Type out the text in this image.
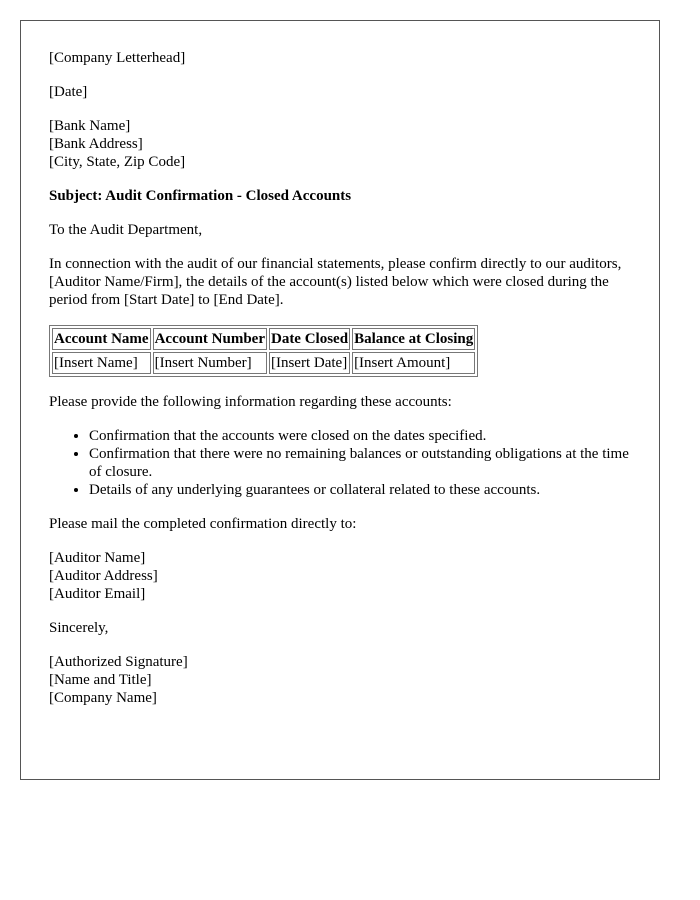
[Company Letterhead]

[Date]

[Bank Name]
[Bank Address]
[City, State, Zip Code]

Subject: Audit Confirmation - Closed Accounts

To the Audit Department,

In connection with the audit of our financial statements, please confirm directly to our auditors, [Auditor Name/Firm], the details of the account(s) listed below which were closed during the period from [Start Date] to [End Date].

Account Name	Account Number	Date Closed	Balance at Closing
[Insert Name]	[Insert Number]	[Insert Date]	[Insert Amount]

Please provide the following information regarding these accounts:

• Confirmation that the accounts were closed on the dates specified.
• Confirmation that there were no remaining balances or outstanding obligations at the time of closure.
• Details of any underlying guarantees or collateral related to these accounts.

Please mail the completed confirmation directly to:

[Auditor Name]
[Auditor Address]
[Auditor Email]

Sincerely,

[Authorized Signature]
[Name and Title]
[Company Name]
